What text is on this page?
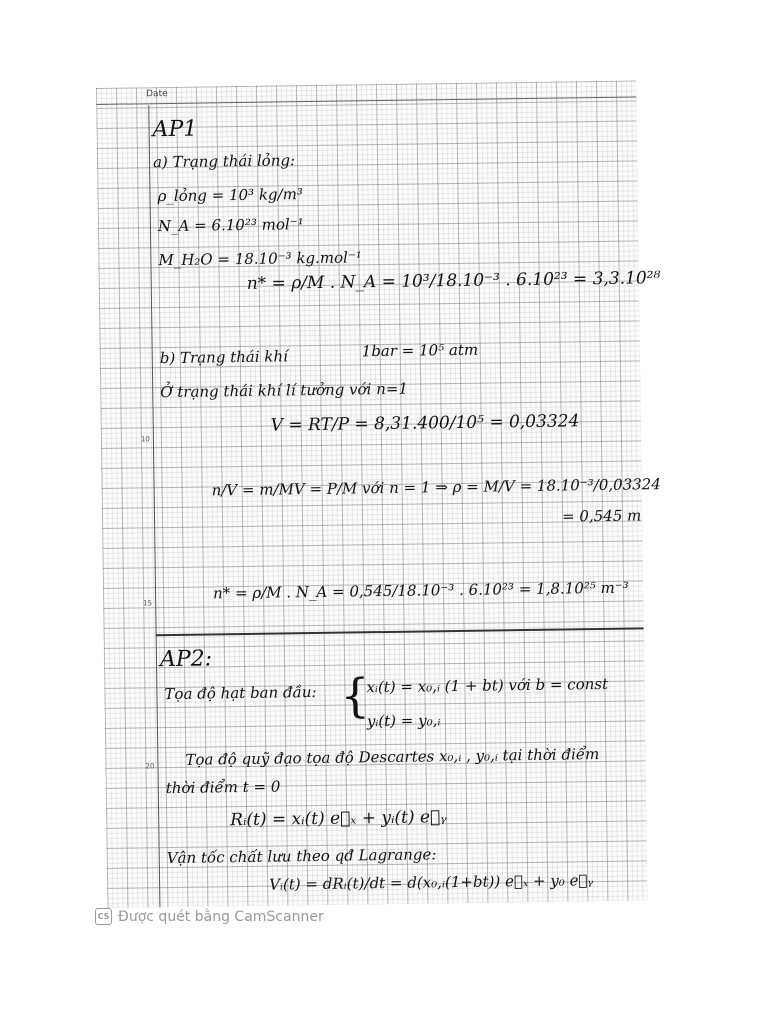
Date
10
15
20
AP1
a) Trạng thái lỏng:
ρ_lỏng = 10³ kg/m³
N_A = 6.10²³ mol⁻¹
M_H₂O = 18.10⁻³ kg.mol⁻¹
n* = ρ/M . N_A = 10³/18.10⁻³ . 6.10²³ = 3,3.10²⁸
b) Trạng thái khí	1bar = 10⁵ atm
Ở trạng thái khí lí tưởng với n=1
V = RT/P = 8,31.400/10⁵ = 0,03324
n/V = m/MV = P/M với n = 1 ⇒ ρ = M/V = 18.10⁻³/0,03324
= 0,545 m
n* = ρ/M . N_A = 0,545/18.10⁻³ . 6.10²³ = 1,8.10²⁵ m⁻³
AP2:
Tọa độ hạt ban đầu: {
xᵢ(t) = x₀,ᵢ (1 + bt) với b = const
yᵢ(t) = y₀,ᵢ
Tọa độ quỹ đạo tọa độ Descartes x₀,ᵢ , y₀,ᵢ tại thời điểm
thời điểm t = 0
Rᵢ(t) = xᵢ(t) e⃗ₓ + yᵢ(t) e⃗ᵧ
Vận tốc chất lưu theo qđ Lagrange:
Vᵢ(t) = dRᵢ(t)/dt = d(x₀,ᵢ(1+bt)) e⃗ₓ + y₀ e⃗ᵧ
CS Được quét bằng CamScanner
